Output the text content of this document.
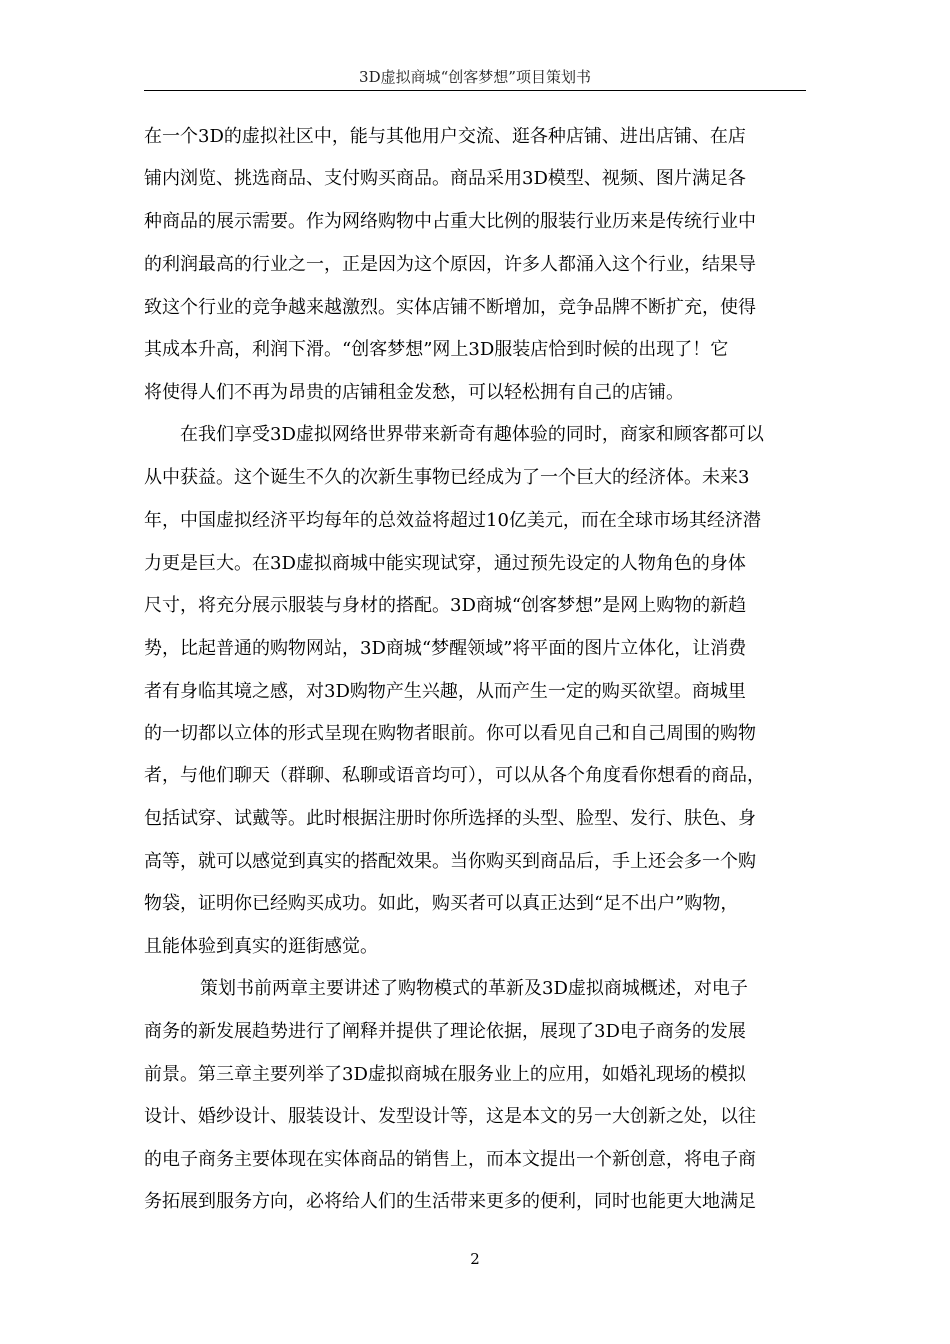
3D虚拟商城“创客梦想”项目策划书
在一个3D的虚拟社区中，能与其他用户交流、逛各种店铺、进出店铺、在店
铺内浏览、挑选商品、支付购买商品。商品采用3D模型、视频、图片满足各
种商品的展示需要。作为网络购物中占重大比例的服装行业历来是传统行业中
的利润最高的行业之一，正是因为这个原因，许多人都涌入这个行业，结果导
致这个行业的竞争越来越激烈。实体店铺不断增加，竞争品牌不断扩充，使得
其成本升高，利润下滑。“创客梦想”网上3D服装店恰到时候的出现了！它
将使得人们不再为昂贵的店铺租金发愁，可以轻松拥有自己的店铺。
在我们享受3D虚拟网络世界带来新奇有趣体验的同时，商家和顾客都可以
从中获益。这个诞生不久的次新生事物已经成为了一个巨大的经济体。未来3
年，中国虚拟经济平均每年的总效益将超过10亿美元，而在全球市场其经济潜
力更是巨大。在3D虚拟商城中能实现试穿，通过预先设定的人物角色的身体
尺寸，将充分展示服装与身材的搭配。3D商城“创客梦想”是网上购物的新趋
势，比起普通的购物网站，3D商城“梦醒领域”将平面的图片立体化，让消费
者有身临其境之感，对3D购物产生兴趣，从而产生一定的购买欲望。商城里
的一切都以立体的形式呈现在购物者眼前。你可以看见自己和自己周围的购物
者，与他们聊天（群聊、私聊或语音均可），可以从各个角度看你想看的商品，
包括试穿、试戴等。此时根据注册时你所选择的头型、脸型、发行、肤色、身
高等，就可以感觉到真实的搭配效果。当你购买到商品后，手上还会多一个购
物袋，证明你已经购买成功。如此，购买者可以真正达到“足不出户”购物，
且能体验到真实的逛街感觉。
策划书前两章主要讲述了购物模式的革新及3D虚拟商城概述，对电子
商务的新发展趋势进行了阐释并提供了理论依据，展现了3D电子商务的发展
前景。第三章主要列举了3D虚拟商城在服务业上的应用，如婚礼现场的模拟
设计、婚纱设计、服装设计、发型设计等，这是本文的另一大创新之处，以往
的电子商务主要体现在实体商品的销售上，而本文提出一个新创意，将电子商
务拓展到服务方向，必将给人们的生活带来更多的便利，同时也能更大地满足
2
